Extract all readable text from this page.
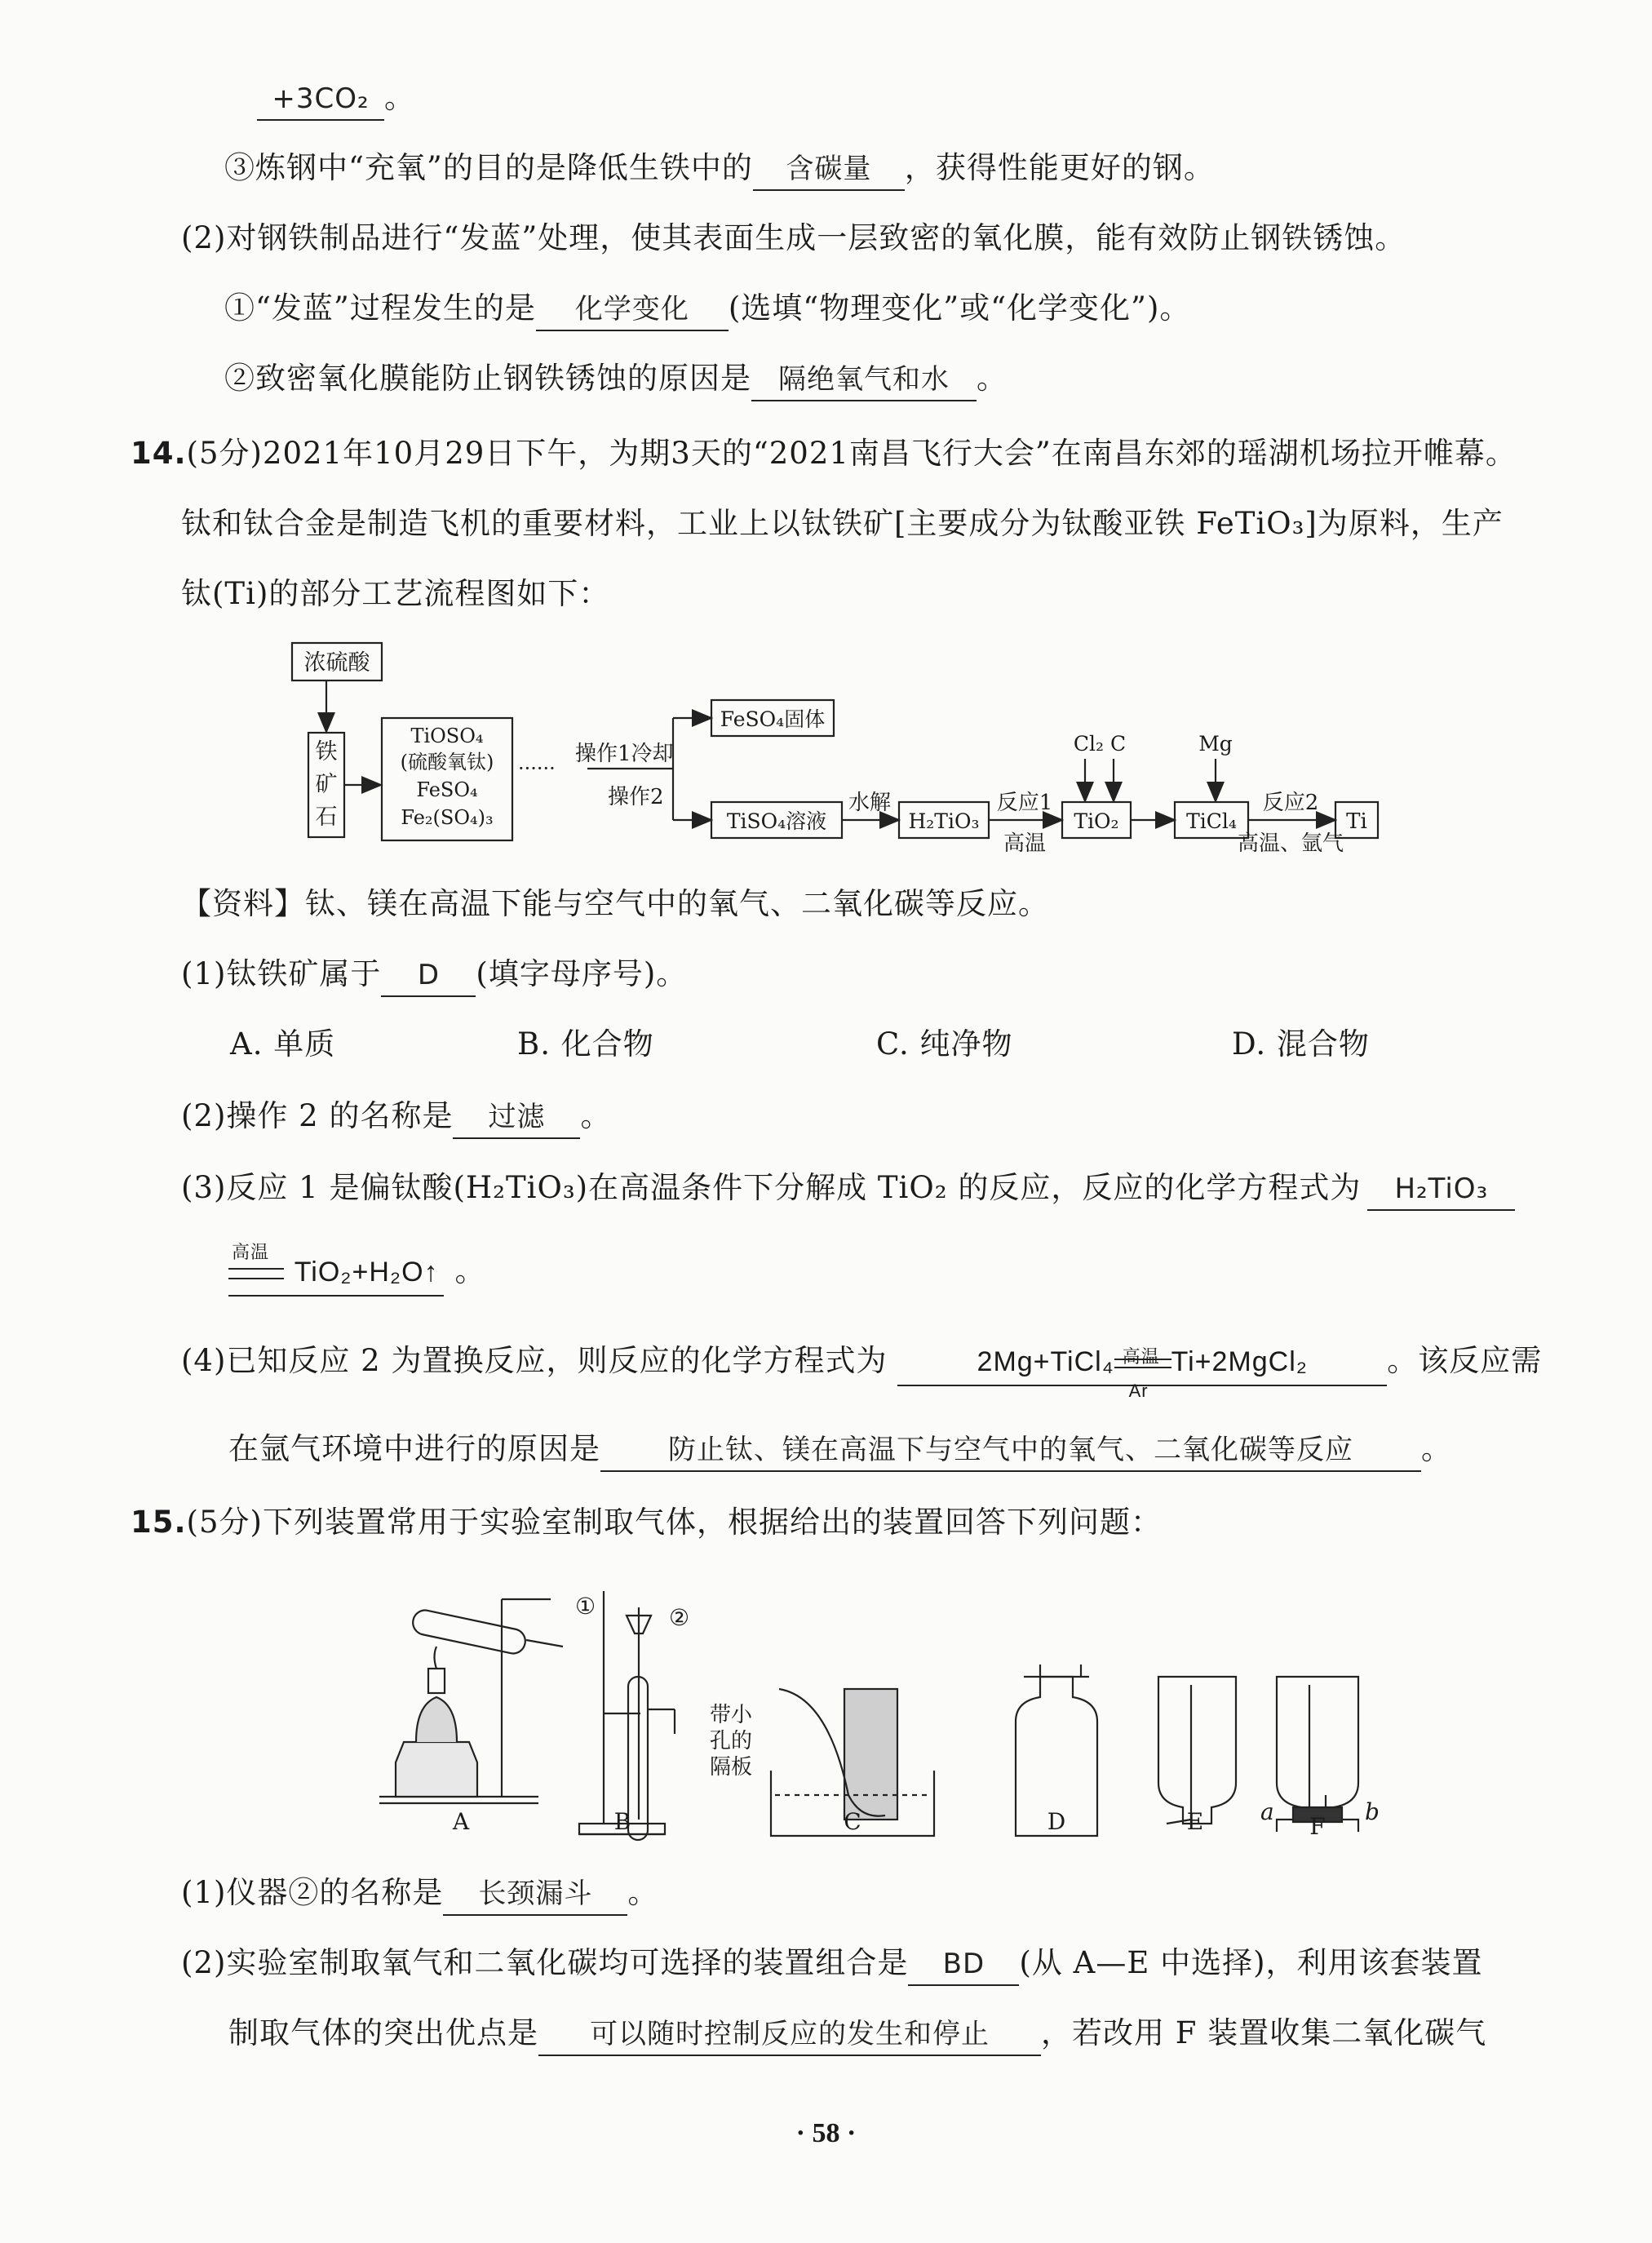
+3CO₂ 。
③炼钢中“充氧”的目的是降低生铁中的 含碳量 ，获得性能更好的钢。
(2)对钢铁制品进行“发蓝”处理，使其表面生成一层致密的氧化膜，能有效防止钢铁锈蚀。
①“发蓝”过程发生的是 化学变化 (选填“物理变化”或“化学变化”)。
②致密氧化膜能防止钢铁锈蚀的原因是 隔绝氧气和水 。
14.(5分)2021年10月29日下午，为期3天的“2021南昌飞行大会”在南昌东郊的瑶湖机场拉开帷幕。
钛和钛合金是制造飞机的重要材料，工业上以钛铁矿[主要成分为钛酸亚铁 FeTiO₃]为原料，生产
钛(Ti)的部分工艺流程图如下：
浓硫酸
铁
矿
石
TiOSO₄
(硫酸氧钛)
FeSO₄
Fe₂(SO₄)₃
······
操作1冷却
操作2
FeSO₄固体
TiSO₄溶液
水解
H₂TiO₃
反应1
高温
TiO₂
Cl₂ C	Mg
TiCl₄
反应2
高温、氩气
Ti
【资料】钛、镁在高温下能与空气中的氧气、二氧化碳等反应。
(1)钛铁矿属于 D (填字母序号)。
A. 单质	B. 化合物	C. 纯净物	D. 混合物
(2)操作 2 的名称是 过滤 。
(3)反应 1 是偏钛酸(H₂TiO₃)在高温条件下分解成 TiO₂ 的反应，反应的化学方程式为 H₂TiO₃
高温
TiO₂+H₂O↑ 。
(4)已知反应 2 为置换反应，则反应的化学方程式为	2Mg+TiCl₄ 高温
Ar
Ti+2MgCl₂	。该反应需
在氩气环境中进行的原因是 防止钛、镁在高温下与空气中的氧气、二氧化碳等反应 。
15.(5分)下列装置常用于实验室制取气体，根据给出的装置回答下列问题：
①	②
带小
孔的
隔板
A	B	C	D	E	F
a	b
(1)仪器②的名称是 长颈漏斗 。
(2)实验室制取氧气和二氧化碳均可选择的装置组合是 BD (从 A—E 中选择)，利用该套装置
制取气体的突出优点是 可以随时控制反应的发生和停止 ，若改用 F 装置收集二氧化碳气
· 58 ·
